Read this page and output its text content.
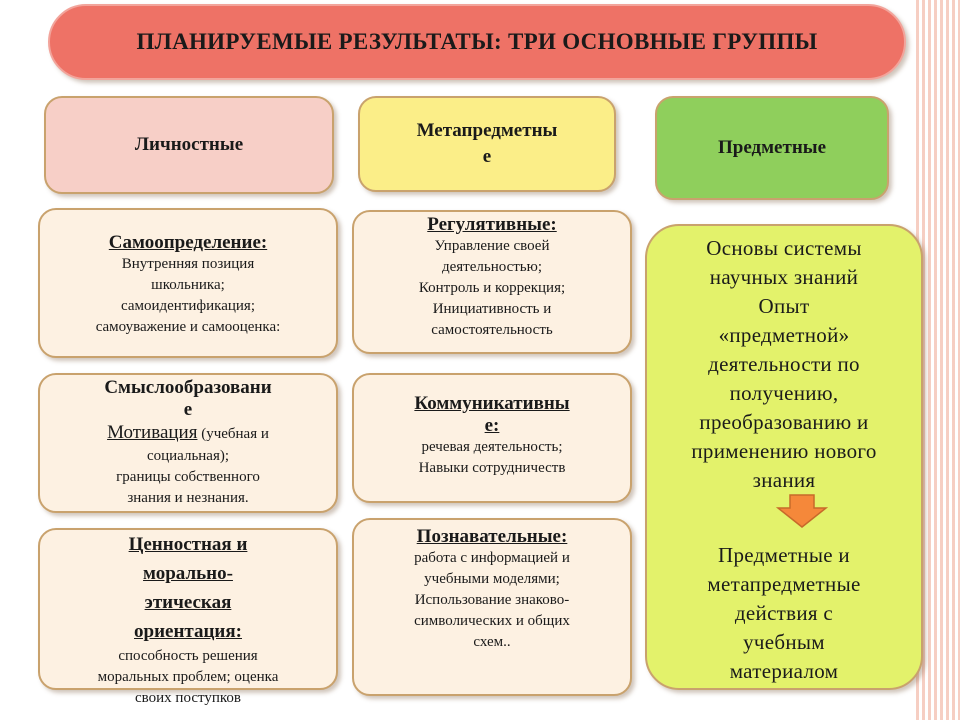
ПЛАНИРУЕМЫЕ РЕЗУЛЬТАТЫ: ТРИ ОСНОВНЫЕ ГРУППЫ
Личностные
Метапредметны
е	Предметные
Самоопределение:
Внутренняя позиция
школьника;
самоидентификация;
самоуважение и самооценка:
Смыслообразовани
е
Мотивация (учебная и
социальная);
границы собственного
знания и незнания.
Ценностная и
морально-
этическая
ориентация:
способность решения
моральных проблем; оценка
своих поступков
Регулятивные:
Управление своей
деятельностью;
Контроль и коррекция;
Инициативность и
самостоятельность
Коммуникативны
е:
речевая деятельность;
Навыки сотрудничеств
Познавательные:
работа с информацией и
учебными моделями;
Использование знаково-
символических и общих
схем..
Основы системы
научных знаний
Опыт
«предметной»
деятельности по
получению,
преобразованию и
применению нового
знания
Предметные и
метапредметные
действия с
учебным
материалом
